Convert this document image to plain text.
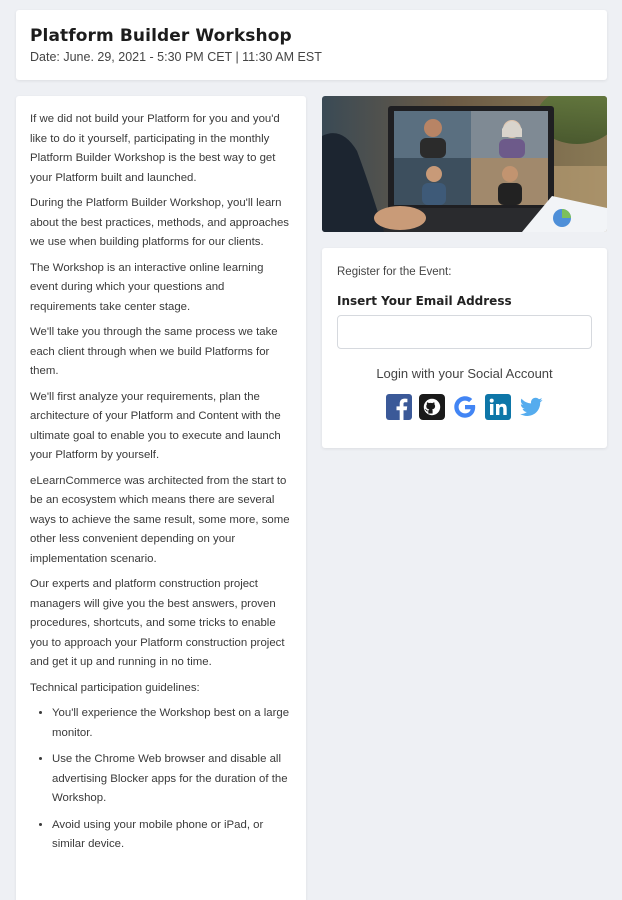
Platform Builder Workshop
Date: June. 29, 2021 - 5:30 PM CET | 11:30 AM EST

If we did not build your Platform for you and you'd like to do it yourself, participating in the monthly Platform Builder Workshop is the best way to get your Platform built and launched.

During the Platform Builder Workshop, you'll learn about the best practices, methods, and approaches we use when building platforms for our clients.

The Workshop is an interactive online learning event during which your questions and requirements take center stage.

We'll take you through the same process we take each client through when we build Platforms for them.

We'll first analyze your requirements, plan the architecture of your Platform and Content with the ultimate goal to enable you to execute and launch your Platform by yourself.

eLearnCommerce was architected from the start to be an ecosystem which means there are several ways to achieve the same result, some more, some other less convenient depending on your implementation scenario.

Our experts and platform construction project managers will give you the best answers, proven procedures, shortcuts, and some tricks to enable you to approach your Platform construction project and get it up and running in no time.

Technical participation guidelines:

• You'll experience the Workshop best on a large monitor.
• Use the Chrome Web browser and disable all advertising Blocker apps for the duration of the Workshop.
• Avoid using your mobile phone or iPad, or similar device.
Register for the Event:
Insert Your Email Address
Login with your Social Account
